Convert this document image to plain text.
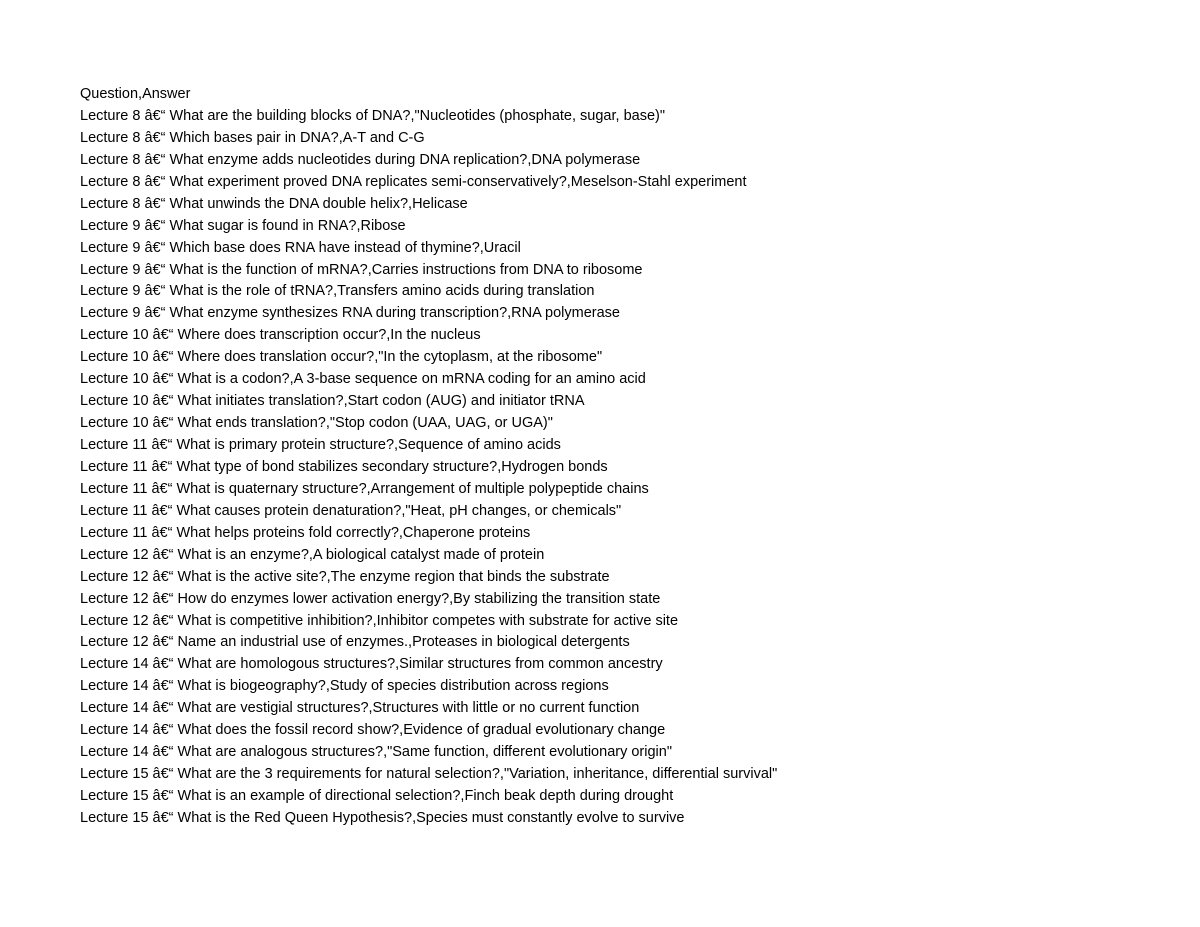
Question,Answer
Lecture 8 â€“ What are the building blocks of DNA?,"Nucleotides (phosphate, sugar, base)"
Lecture 8 â€“ Which bases pair in DNA?,A-T and C-G
Lecture 8 â€“ What enzyme adds nucleotides during DNA replication?,DNA polymerase
Lecture 8 â€“ What experiment proved DNA replicates semi-conservatively?,Meselson-Stahl experiment
Lecture 8 â€“ What unwinds the DNA double helix?,Helicase
Lecture 9 â€“ What sugar is found in RNA?,Ribose
Lecture 9 â€“ Which base does RNA have instead of thymine?,Uracil
Lecture 9 â€“ What is the function of mRNA?,Carries instructions from DNA to ribosome
Lecture 9 â€“ What is the role of tRNA?,Transfers amino acids during translation
Lecture 9 â€“ What enzyme synthesizes RNA during transcription?,RNA polymerase
Lecture 10 â€“ Where does transcription occur?,In the nucleus
Lecture 10 â€“ Where does translation occur?,"In the cytoplasm, at the ribosome"
Lecture 10 â€“ What is a codon?,A 3-base sequence on mRNA coding for an amino acid
Lecture 10 â€“ What initiates translation?,Start codon (AUG) and initiator tRNA
Lecture 10 â€“ What ends translation?,"Stop codon (UAA, UAG, or UGA)"
Lecture 11 â€“ What is primary protein structure?,Sequence of amino acids
Lecture 11 â€“ What type of bond stabilizes secondary structure?,Hydrogen bonds
Lecture 11 â€“ What is quaternary structure?,Arrangement of multiple polypeptide chains
Lecture 11 â€“ What causes protein denaturation?,"Heat, pH changes, or chemicals"
Lecture 11 â€“ What helps proteins fold correctly?,Chaperone proteins
Lecture 12 â€“ What is an enzyme?,A biological catalyst made of protein
Lecture 12 â€“ What is the active site?,The enzyme region that binds the substrate
Lecture 12 â€“ How do enzymes lower activation energy?,By stabilizing the transition state
Lecture 12 â€“ What is competitive inhibition?,Inhibitor competes with substrate for active site
Lecture 12 â€“ Name an industrial use of enzymes.,Proteases in biological detergents
Lecture 14 â€“ What are homologous structures?,Similar structures from common ancestry
Lecture 14 â€“ What is biogeography?,Study of species distribution across regions
Lecture 14 â€“ What are vestigial structures?,Structures with little or no current function
Lecture 14 â€“ What does the fossil record show?,Evidence of gradual evolutionary change
Lecture 14 â€“ What are analogous structures?,"Same function, different evolutionary origin"
Lecture 15 â€“ What are the 3 requirements for natural selection?,"Variation, inheritance, differential survival"
Lecture 15 â€“ What is an example of directional selection?,Finch beak depth during drought
Lecture 15 â€“ What is the Red Queen Hypothesis?,Species must constantly evolve to survive
